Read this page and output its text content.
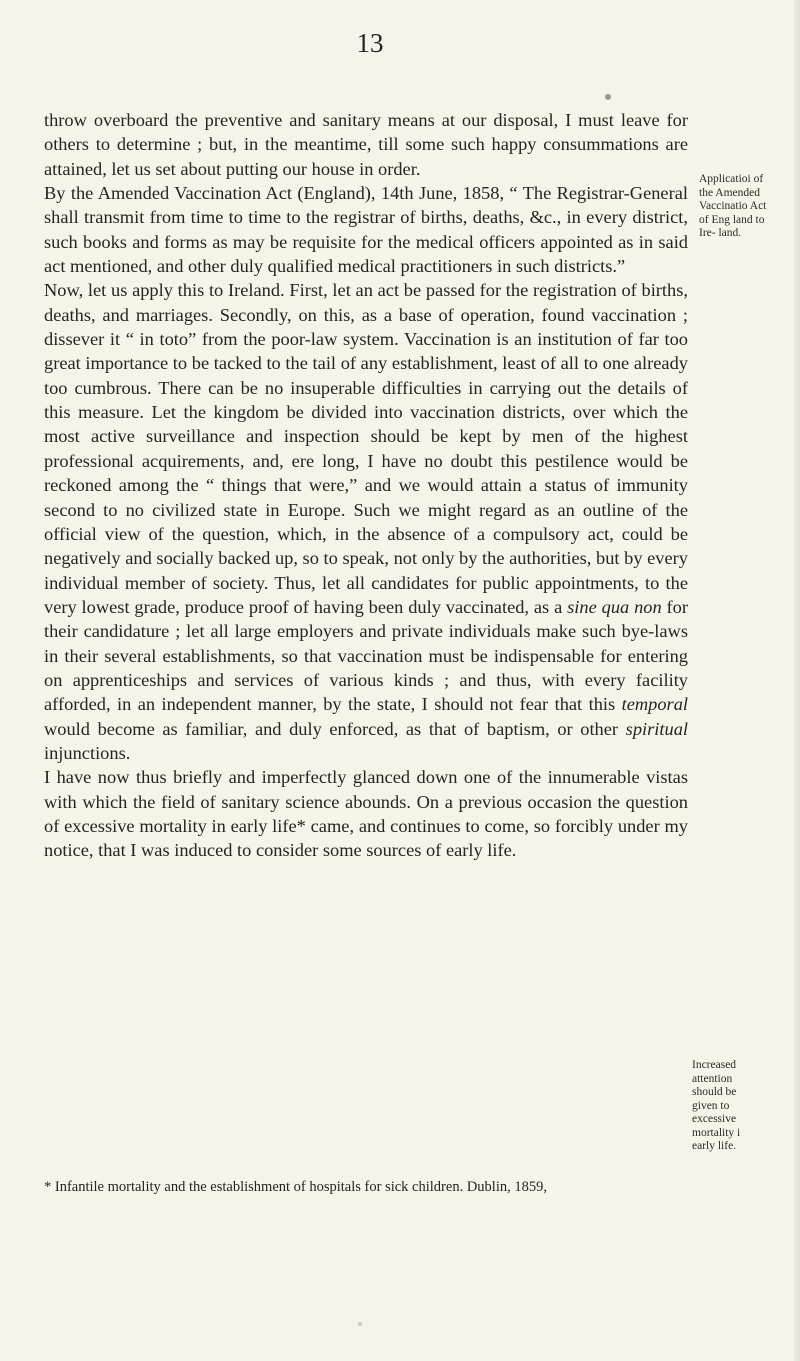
13

throw overboard the preventive and sanitary means at our disposal, I must leave for others to determine ; but, in the meantime, till some such happy consummations are attained, let us set about putting our house in order.

By the Amended Vaccination Act (England), 14th June, 1858, “ The Registrar-General shall transmit from time to time to the registrar of births, deaths, &c., in every district, such books and forms as may be requisite for the medical officers appointed as in said act mentioned, and other duly qualified medical practitioners in such districts.”

Now, let us apply this to Ireland. First, let an act be passed for the registration of births, deaths, and marriages. Secondly, on this, as a base of operation, found vaccination ; dissever it “ in toto” from the poor-law system. Vaccination is an institution of far too great importance to be tacked to the tail of any establishment, least of all to one already too cumbrous. There can be no insuperable difficulties in carrying out the details of this measure. Let the kingdom be divided into vaccination districts, over which the most active surveillance and inspection should be kept by men of the highest professional acquirements, and, ere long, I have no doubt this pestilence would be reckoned among the “ things that were,” and we would attain a status of immunity second to no civilized state in Europe. Such we might regard as an outline of the official view of the question, which, in the absence of a compulsory act, could be negatively and socially backed up, so to speak, not only by the authorities, but by every individual member of society. Thus, let all candidates for public appointments, to the very lowest grade, produce proof of having been duly vaccinated, as a sine qua non for their candidature ; let all large employers and private individuals make such bye-laws in their several establishments, so that vaccination must be indispensable for entering on apprenticeships and services of various kinds ; and thus, with every facility afforded, in an independent manner, by the state, I should not fear that this temporal would become as familiar, and duly enforced, as that of baptism, or other spiritual injunctions.

I have now thus briefly and imperfectly glanced down one of the innumerable vistas with which the field of sanitary science abounds. On a previous occasion the question of excessive mortality in early life* came, and continues to come, so forcibly under my notice, that I was induced to consider some sources of early life.

Applicatioi of the Amended Vaccinatio Act of Eng land to Ire- land.
Increased attention should be given to excessive mortality i early life.
* Infantile mortality and the establishment of hospitals for sick children. Dublin, 1859,
